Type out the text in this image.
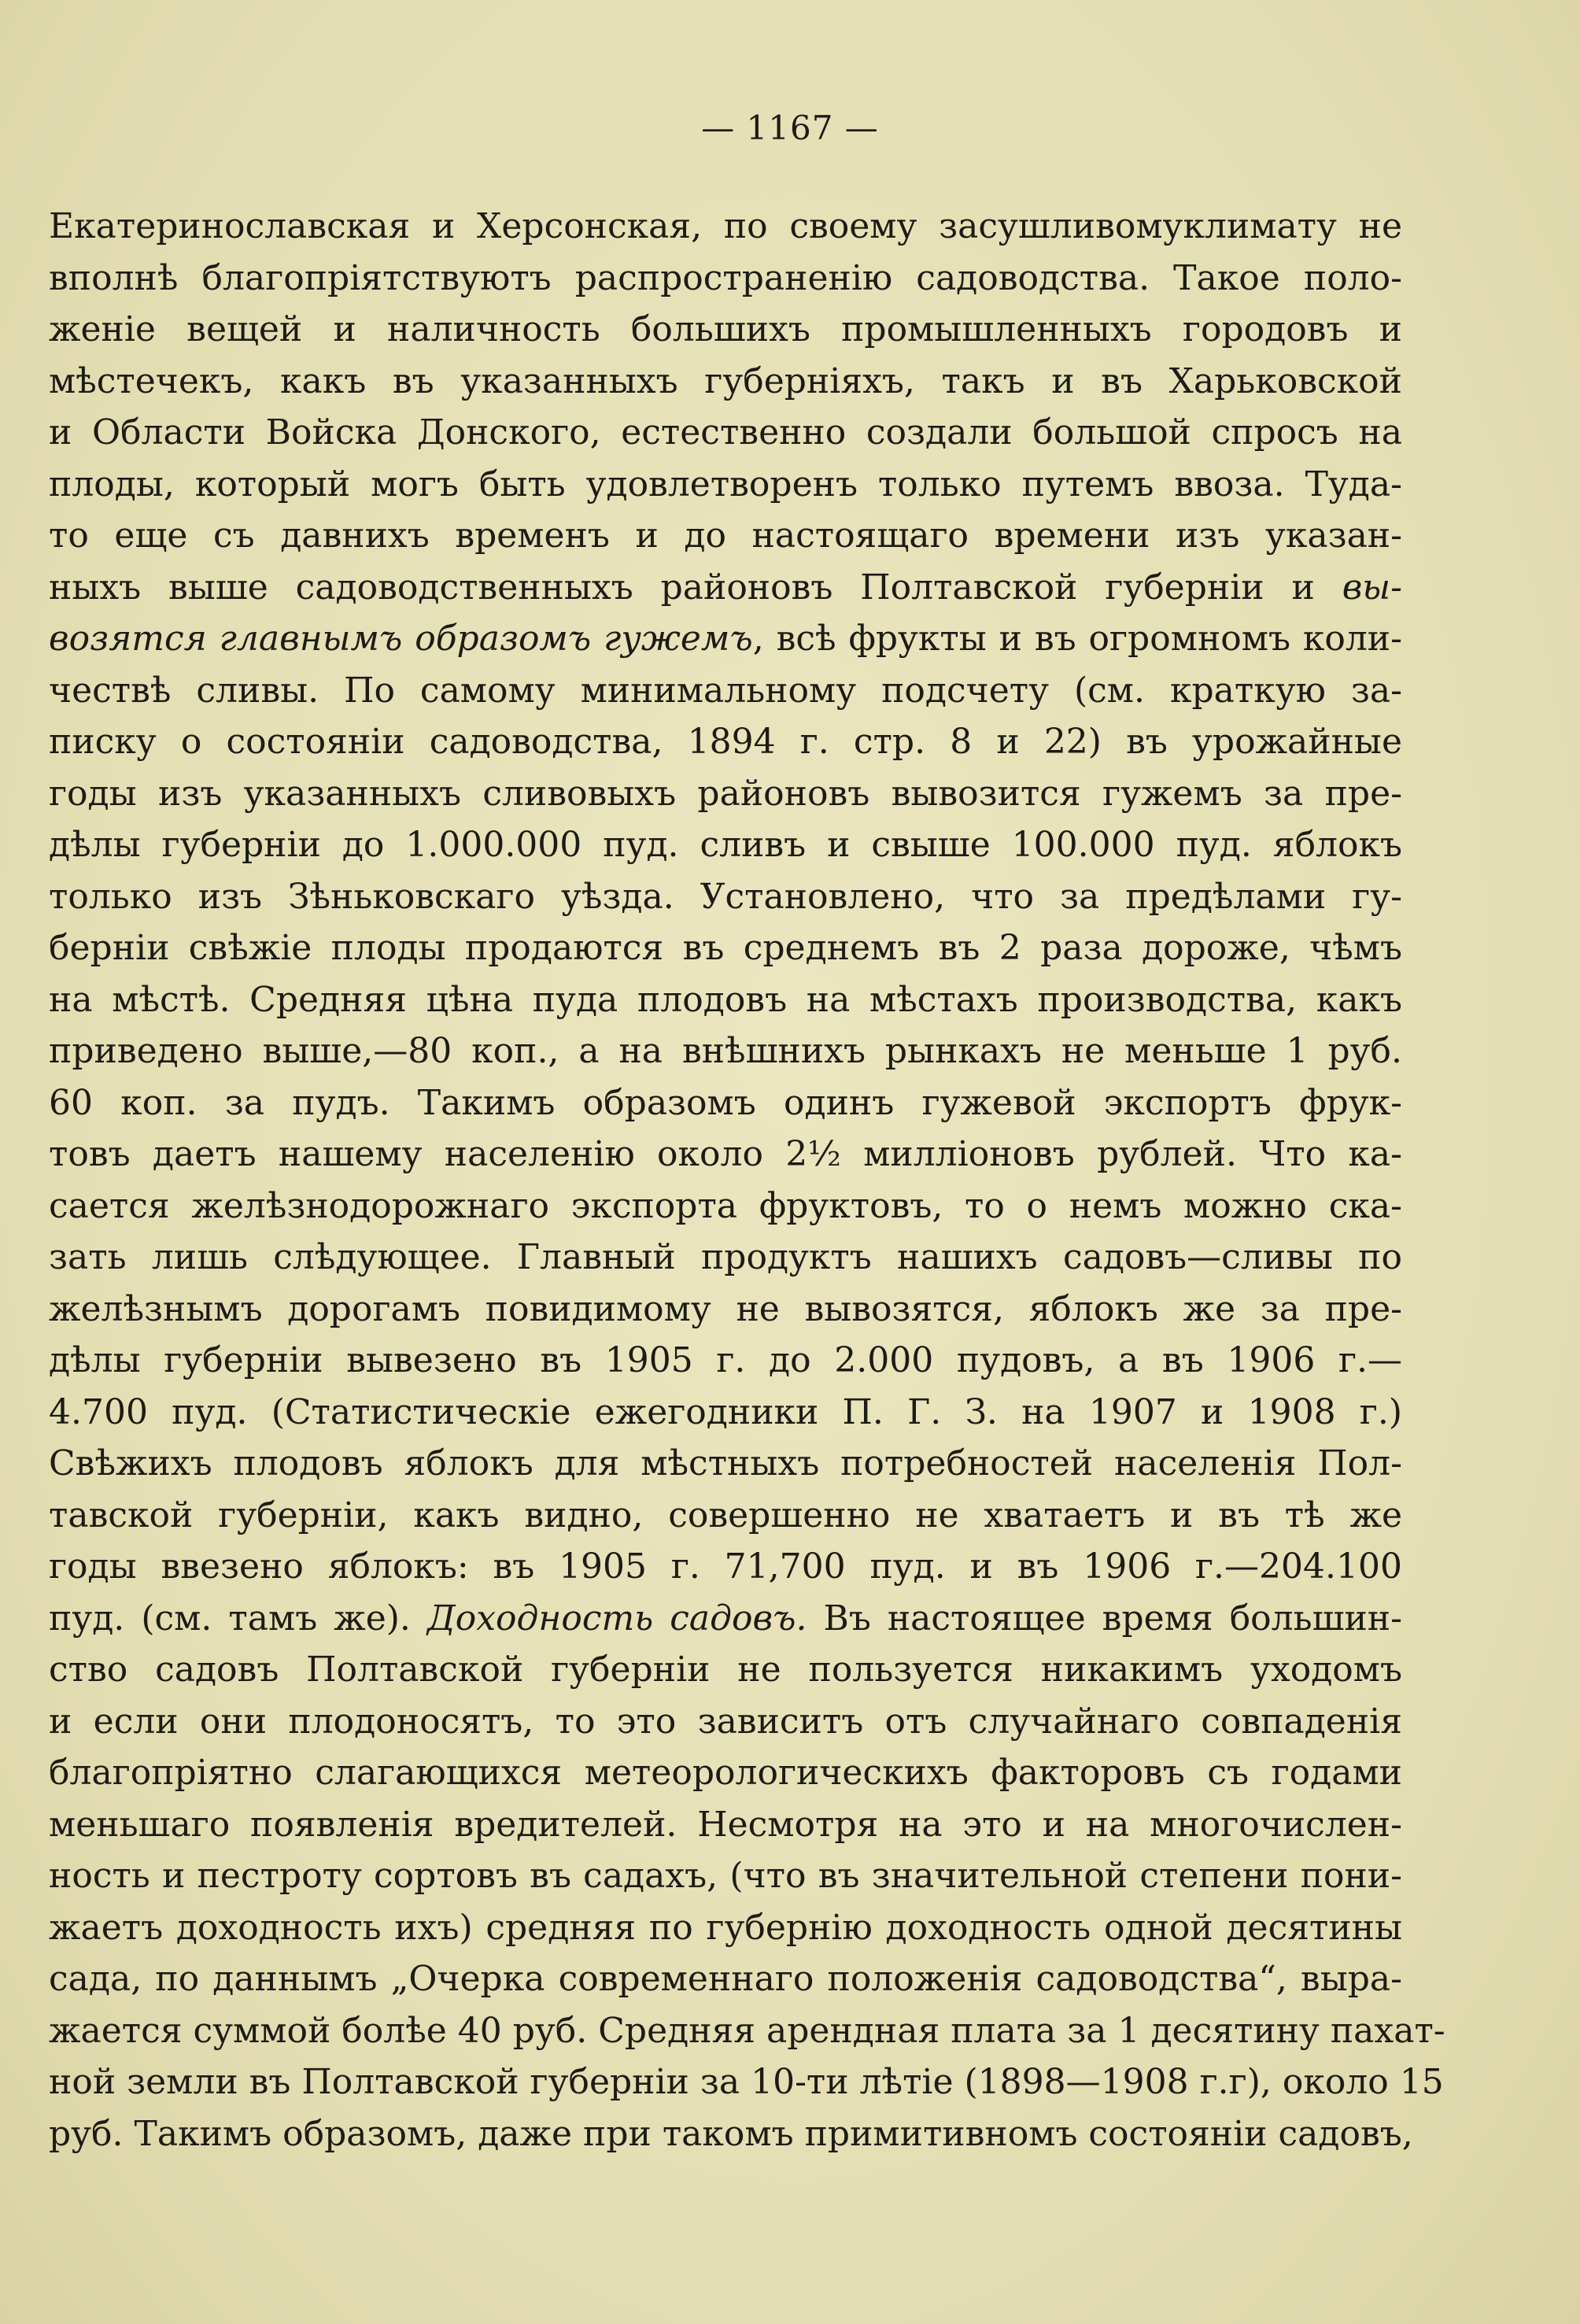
— 1167 —
Екатеринославская и Херсонская, по своему засушливомуклимату не
вполнѣ благопріятствуютъ распространенію садоводства. Такое поло-
женіе вещей и наличность большихъ промышленныхъ городовъ и
мѣстечекъ, какъ въ указанныхъ губерніяхъ, такъ и въ Харьковской
и Области Войска Донского, естественно создали большой спросъ на
плоды, который могъ быть удовлетворенъ только путемъ ввоза. Туда-
то еще съ давнихъ временъ и до настоящаго времени изъ указан-
ныхъ выше садоводственныхъ районовъ Полтавской губерніи и вы-
возятся главнымъ образомъ гужемъ, всѣ фрукты и въ огромномъ коли-
чествѣ сливы. По самому минимальному подсчету (см. краткую за-
писку о состояніи садоводства, 1894 г. стр. 8 и 22) въ урожайные
годы изъ указанныхъ сливовыхъ районовъ вывозится гужемъ за пре-
дѣлы губерніи до 1.000.000 пуд. сливъ и свыше 100.000 пуд. яблокъ
только изъ Зѣньковскаго уѣзда. Установлено, что за предѣлами гу-
берніи свѣжіе плоды продаются въ среднемъ въ 2 раза дороже, чѣмъ
на мѣстѣ. Средняя цѣна пуда плодовъ на мѣстахъ производства, какъ
приведено выше,—80 коп., а на внѣшнихъ рынкахъ не меньше 1 руб.
60 коп. за пудъ. Такимъ образомъ одинъ гужевой экспортъ фрук-
товъ даетъ нашему населенію около 2½ милліоновъ рублей. Что ка-
сается желѣзнодорожнаго экспорта фруктовъ, то о немъ можно ска-
зать лишь слѣдующее. Главный продуктъ нашихъ садовъ—сливы по
желѣзнымъ дорогамъ повидимому не вывозятся, яблокъ же за пре-
дѣлы губерніи вывезено въ 1905 г. до 2.000 пудовъ, а въ 1906 г.—
4.700 пуд. (Статистическіе ежегодники П. Г. З. на 1907 и 1908 г.)
Свѣжихъ плодовъ яблокъ для мѣстныхъ потребностей населенія Пол-
тавской губерніи, какъ видно, совершенно не хватаетъ и въ тѣ же
годы ввезено яблокъ: въ 1905 г. 71,700 пуд. и въ 1906 г.—204.100
пуд. (см. тамъ же). Доходность садовъ. Въ настоящее время большин-
ство садовъ Полтавской губерніи не пользуется никакимъ уходомъ
и если они плодоносятъ, то это зависитъ отъ случайнаго совпаденія
благопріятно слагающихся метеорологическихъ факторовъ съ годами
меньшаго появленія вредителей. Несмотря на это и на многочислен-
ность и пестроту сортовъ въ садахъ, (что въ значительной степени пони-
жаетъ доходность ихъ) средняя по губернію доходность одной десятины
сада, по даннымъ „Очерка современнаго положенія садоводства“, выра-
жается суммой болѣе 40 руб. Средняя арендная плата за 1 десятину пахат-
ной земли въ Полтавской губерніи за 10-ти лѣтіе (1898—1908 г.г), около 15
руб. Такимъ образомъ, даже при такомъ примитивномъ состояніи садовъ,
